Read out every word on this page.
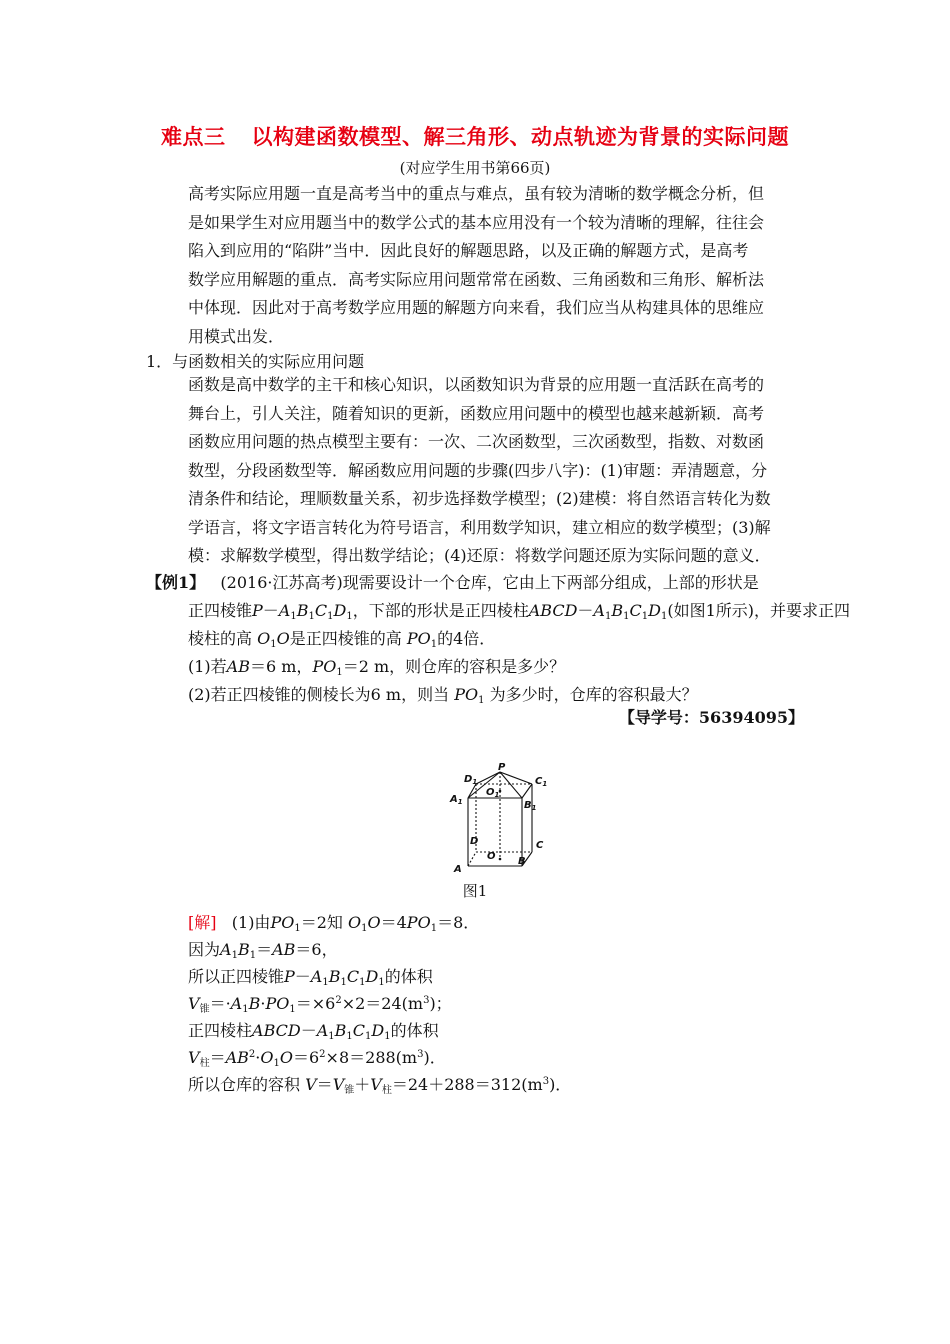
难点三 以构建函数模型、解三角形、动点轨迹为背景的实际问题
(对应学生用书第66页)
高考实际应用题一直是高考当中的重点与难点，虽有较为清晰的数学概念分析，但
是如果学生对应用题当中的数学公式的基本应用没有一个较为清晰的理解，往往会
陷入到应用的“陷阱”当中．因此良好的解题思路，以及正确的解题方式，是高考
数学应用解题的重点．高考实际应用问题常常在函数、三角函数和三角形、解析法
中体现．因此对于高考数学应用题的解题方向来看，我们应当从构建具体的思维应
用模式出发．
1．与函数相关的实际应用问题
函数是高中数学的主干和核心知识，以函数知识为背景的应用题一直活跃在高考的
舞台上，引人关注，随着知识的更新，函数应用问题中的模型也越来越新颖．高考
函数应用问题的热点模型主要有：一次、二次函数型，三次函数型，指数、对数函
数型，分段函数型等．解函数应用问题的步骤(四步八字)：(1)审题：弄清题意，分
清条件和结论，理顺数量关系，初步选择数学模型；(2)建模：将自然语言转化为数
学语言，将文字语言转化为符号语言，利用数学知识，建立相应的数学模型；(3)解
模：求解数学模型，得出数学结论；(4)还原：将数学问题还原为实际问题的意义．
【例1】 (2016·江苏高考)现需要设计一个仓库，它由上下两部分组成，上部的形状是
正四棱锥$P-A_1B_1C_1D_1$，下部的形状是正四棱柱$ABCD-A_1B_1C_1D_1$(如图1所示)，并要求正四
棱柱的高 $O_1O$是正四棱锥的高 $PO_1$的4倍．
(1)若AB＝6 m，$PO_1=2$ m，则仓库的容积是多少？
(2)若正四棱锥的侧棱长为6 m，则当 $PO_1$ 为多少时，仓库的容积最大？
【导学号：56394095】
P
$D_1$	$C_1$
$A_1$	$B_1$
$O_1$
D	C
O
A
B
图1
[解] (1)由$PO_1=2$知 $O_1O=4PO_1=8$．
因为$A_1B_1=AB=6$，
所以正四棱锥$P-A_1B_1C_1D_1$的体积
$V_锥=\cdot A_1B\cdot PO_1=\times 6^2\times 2=24(m^3)$；
正四棱柱$ABCD-A_1B_1C_1D_1$的体积
$V_柱=AB^2\cdot O_1O=6^2\times 8=288(m^3)$．
所以仓库的容积 $V=V_锥+V_柱=24+288=312(m^3)$．
